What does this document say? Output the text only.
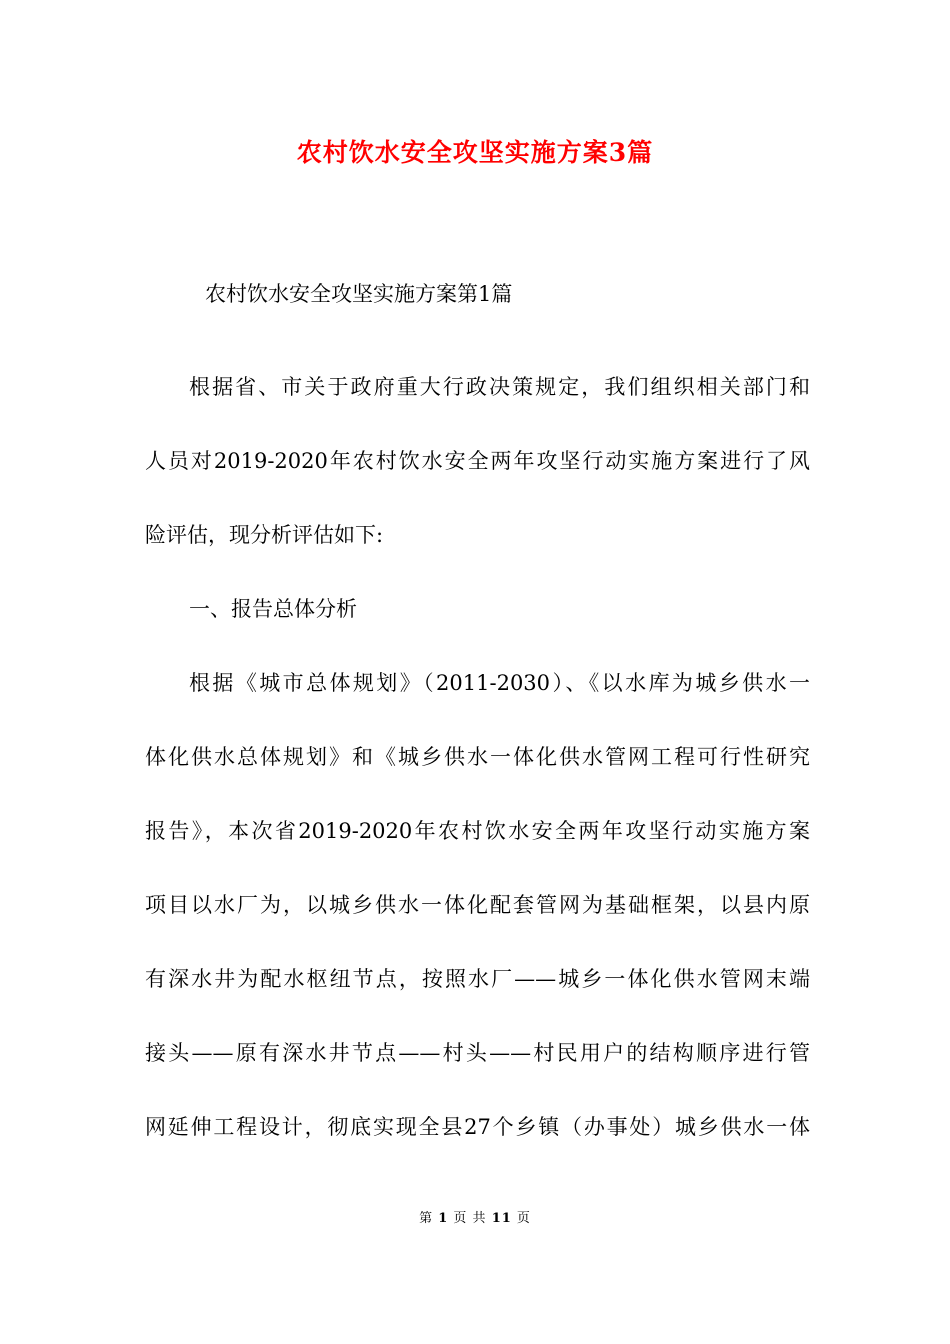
农村饮水安全攻坚实施方案3篇
农村饮水安全攻坚实施方案第1篇
根据省、市关于政府重大行政决策规定，我们组织相关部门和
人员对2019-2020年农村饮水安全两年攻坚行动实施方案进行了风
险评估，现分析评估如下:
一、报告总体分析
根据《城市总体规划》（2011-2030）、《以水库为城乡供水一
体化供水总体规划》和《城乡供水一体化供水管网工程可行性研究
报告》，本次省2019-2020年农村饮水安全两年攻坚行动实施方案
项目以水厂为，以城乡供水一体化配套管网为基础框架，以县内原
有深水井为配水枢纽节点，按照水厂——城乡一体化供水管网末端
接头——原有深水井节点——村头——村民用户的结构顺序进行管
网延伸工程设计，彻底实现全县27个乡镇（办事处）城乡供水一体
第 1 页 共 11 页
